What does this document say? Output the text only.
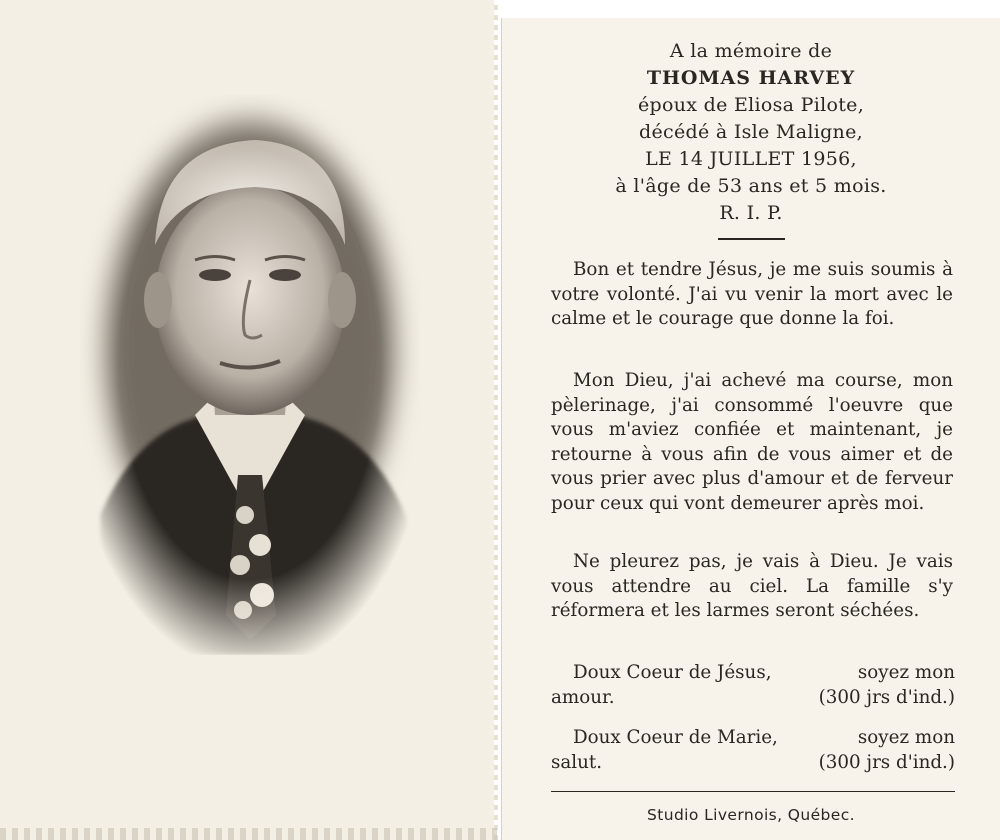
A la mémoire de
THOMAS HARVEY
époux de Eliosa Pilote,
décédé à Isle Maligne,
LE 14 JUILLET 1956,
à l'âge de 53 ans et 5 mois.
R. I. P.
Bon et tendre Jésus, je me suis soumis à votre volonté. J'ai vu venir la mort avec le calme et le courage que donne la foi.
Mon Dieu, j'ai achevé ma course, mon pèlerinage, j'ai consommé l'oeuvre que vous m'aviez confiée et maintenant, je retourne à vous afin de vous aimer et de vous prier avec plus d'amour et de ferveur pour ceux qui vont demeurer après moi.
Ne pleurez pas, je vais à Dieu. Je vais vous attendre au ciel. La famille s'y réformera et les larmes seront séchées.
Doux Coeur de Jésus,	soyez mon
amour.	(300 jrs d'ind.)
Doux Coeur de Marie,	soyez mon
salut.	(300 jrs d'ind.)
Studio Livernois, Québec.
